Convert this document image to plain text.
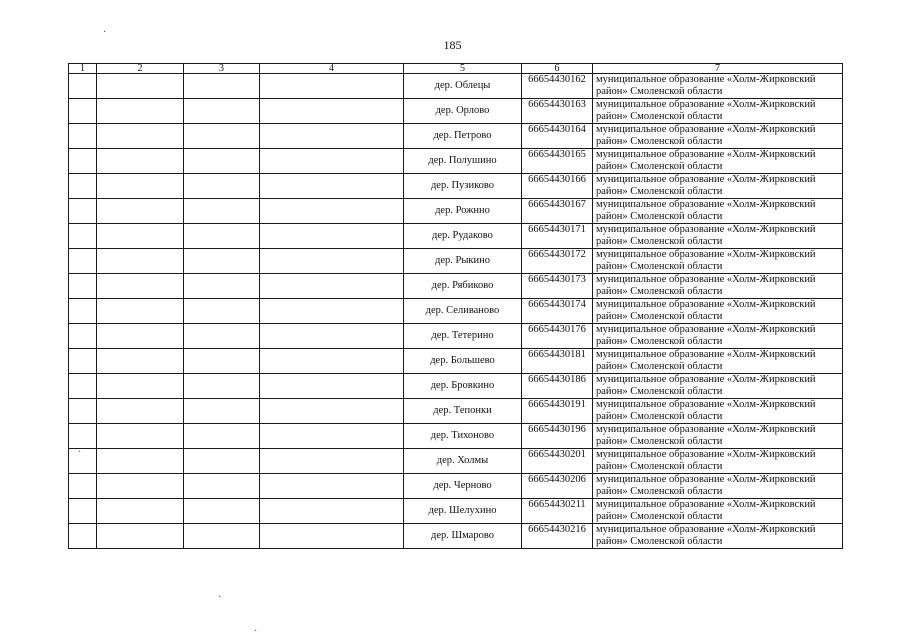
185
1	2	3	4	5	6	7
				дер. Облецы	66654430162	муниципальное образование «Холм-Жирковский район» Смоленской области
				дер. Орлово	66654430163	муниципальное образование «Холм-Жирковский район» Смоленской области
				дер. Петрово	66654430164	муниципальное образование «Холм-Жирковский район» Смоленской области
				дер. Полушино	66654430165	муниципальное образование «Холм-Жирковский район» Смоленской области
				дер. Пузиково	66654430166	муниципальное образование «Холм-Жирковский район» Смоленской области
				дер. Рожнно	66654430167	муниципальное образование «Холм-Жирковский район» Смоленской области
				дер. Рудаково	66654430171	муниципальное образование «Холм-Жирковский район» Смоленской области
				дер. Рыкино	66654430172	муниципальное образование «Холм-Жирковский район» Смоленской области
				дер. Рябиково	66654430173	муниципальное образование «Холм-Жирковский район» Смоленской области
				дер. Селиваново	66654430174	муниципальное образование «Холм-Жирковский район» Смоленской области
				дер. Тетерино	66654430176	муниципальное образование «Холм-Жирковский район» Смоленской области
				дер. Большево	66654430181	муниципальное образование «Холм-Жирковский район» Смоленской области
				дер. Бровкино	66654430186	муниципальное образование «Холм-Жирковский район» Смоленской области
				дер. Тепонки	66654430191	муниципальное образование «Холм-Жирковский район» Смоленской области
				дер. Тихоново	66654430196	муниципальное образование «Холм-Жирковский район» Смоленской области
				дер. Холмы	66654430201	муниципальное образование «Холм-Жирковский район» Смоленской области
				дер. Черново	66654430206	муниципальное образование «Холм-Жирковский район» Смоленской области
				дер. Шелухино	66654430211	муниципальное образование «Холм-Жирковский район» Смоленской области
				дер. Шмарово	66654430216	муниципальное образование «Холм-Жирковский район» Смоленской области
·
·
·
·
